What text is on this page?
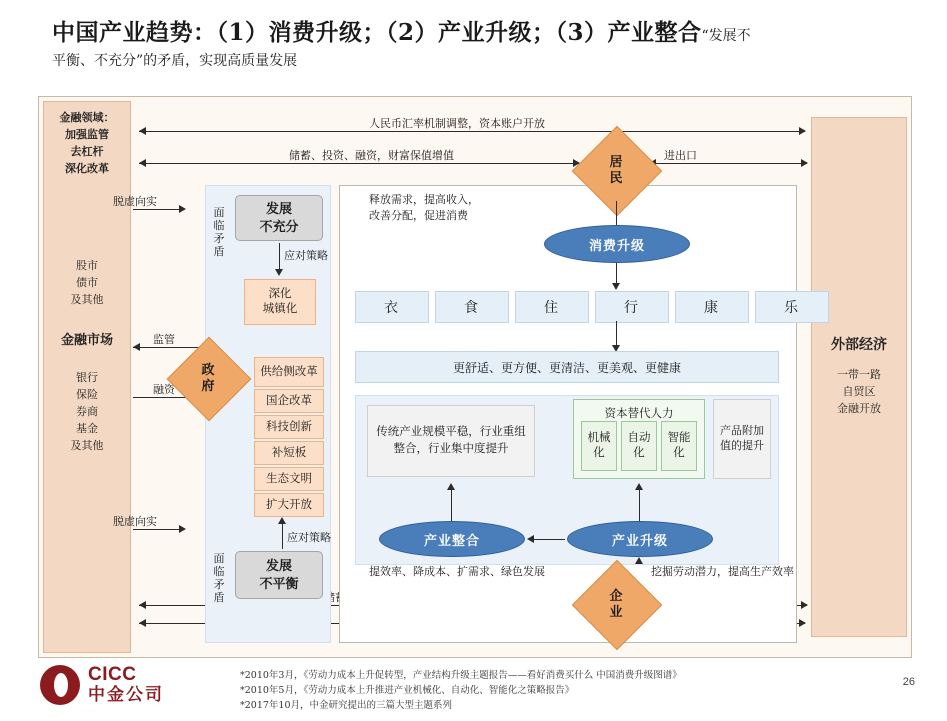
中国产业趋势：（1）消费升级；（2）产业升级；（3）产业整合“发展不
平衡、不充分”的矛盾，实现高质量发展
金融领域：
加强监管
去杠杆
深化改革
股市
债市
及其他
金融市场
银行
保险
券商
基金
及其他
外部经济
一带一路
自贸区
金融开放
人民币汇率机制调整，资本账户开放
储蓄、投资、融资，财富保值增值	进出口
脱虚向实
脱虚向实
监管
融资
发展
不充分
面临矛盾	应对策略
深化
城镇化
供给侧改革
国企改革
科技创新
补短板
生态文明
扩大开放
应对策略
发展
不平衡
面临矛盾
政
府
释放需求，提高收入，
改善分配，促进消费
居
民
消费升级
衣	食	住	行	康	乐
更舒适、更方便、更清洁、更美观、更健康
传统产业规模平稳，行业重组整合，行业集中度提升
资本替代人力
机械
化
自动
化
智能
化
产品附加值的提升
产业整合	产业升级
企
业
提效率、降成本、扩需求、绿色发展	挖掘劳动潜力，提高生产效率
CICC
中金公司
*2010年3月，《劳动力成本上升促转型，产业结构升级主题报告——看好消费买什么 中国消费升级图谱》
*2010年5月，《劳动力成本上升推进产业机械化、自动化、智能化之策略报告》
*2017年10月，中金研究提出的三篇大型主题系列
26
